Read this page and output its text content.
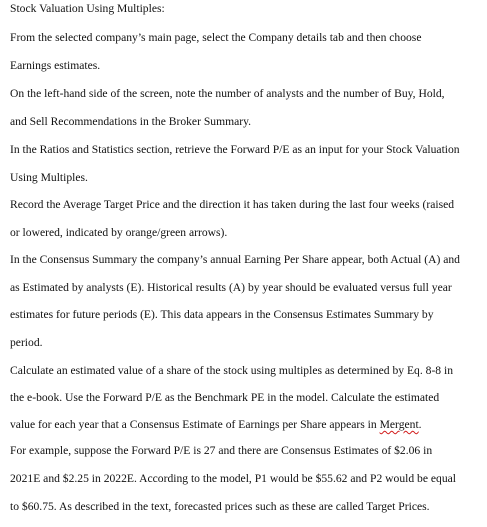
Stock Valuation Using Multiples:
From the selected company’s main page, select the Company details tab and then choose
Earnings estimates.
On the left-hand side of the screen, note the number of analysts and the number of Buy, Hold,
and Sell Recommendations in the Broker Summary.
In the Ratios and Statistics section, retrieve the Forward P/E as an input for your Stock Valuation
Using Multiples.
Record the Average Target Price and the direction it has taken during the last four weeks (raised
or lowered, indicated by orange/green arrows).
In the Consensus Summary the company’s annual Earning Per Share appear, both Actual (A) and
as Estimated by analysts (E). Historical results (A) by year should be evaluated versus full year
estimates for future periods (E). This data appears in the Consensus Estimates Summary by
period.
Calculate an estimated value of a share of the stock using multiples as determined by Eq. 8-8 in
the e-book. Use the Forward P/E as the Benchmark PE in the model. Calculate the estimated
value for each year that a Consensus Estimate of Earnings per Share appears in Mergent.
For example, suppose the Forward P/E is 27 and there are Consensus Estimates of $2.06 in
2021E and $2.25 in 2022E. According to the model, P1 would be $55.62 and P2 would be equal
to $60.75. As described in the text, forecasted prices such as these are called Target Prices.
